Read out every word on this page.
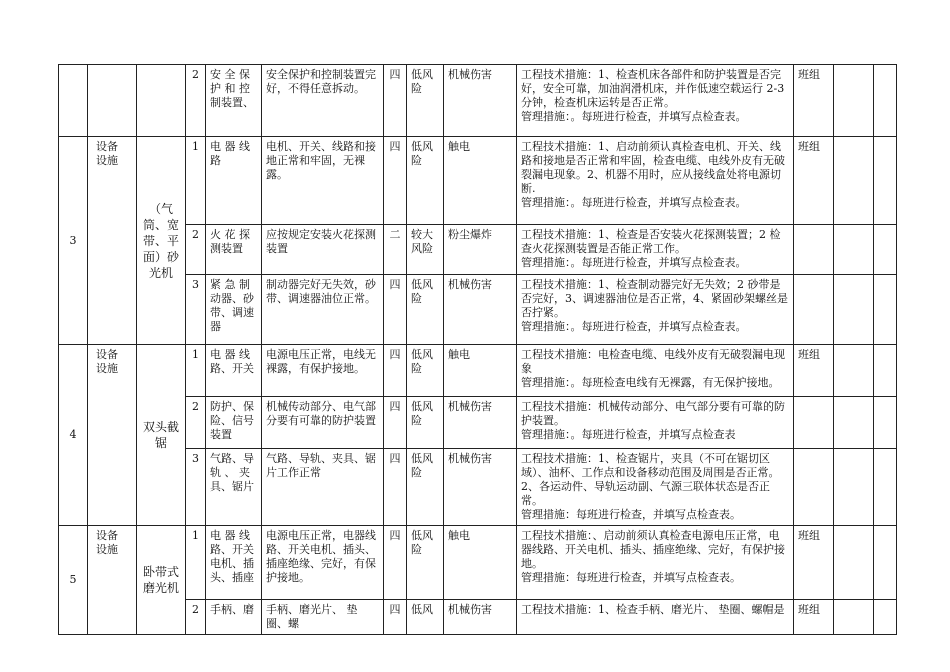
			2	安 全 保护 和 控制装置、	安全保护和控制装置完好，不得任意拆动。	四	低风险	机械伤害	工程技术措施：1、检查机床各部件和防护装置是否完好，安全可靠，加油润滑机床，并作低速空载运行 2-3 分钟，检查机床运转是否正常。
管理措施：。每班进行检查，并填写点检查表。	班组		
3	设备设施	（气筒、宽带、平面）砂光机	1	电 器 线路	电机、开关、线路和接地正常和牢固，无裸露。	四	低风险	触电	工程技术措施：1、启动前须认真检查电机、开关、线路和接地是否正常和牢固，检查电缆、电线外皮有无破裂漏电现象。2、机器不用时，应从接线盒处将电源切断.
管理措施：。每班进行检查，并填写点检查表。	班组		
			2	火 花 探测装置	应按规定安装火花探测装置	二	较大风险	粉尘爆炸	工程技术措施：1、检查是否安装火花探测装置；2 检查火花探测装置是否能正常工作。
管理措施：。每班进行检查，并填写点检查表。			

			3	紧 急 制动器、砂带、调速器	制动器完好无失效，砂带、调速器油位正常。	四	低风险	机械伤害	工程技术措施：1、检查制动器完好无失效；2 砂带是否完好，3、调速器油位是否正常，4、紧固砂架螺丝是否拧紧。
管理措施：。每班进行检查，并填写点检查表。			

4	设备设施	双头截锯	1	电 器 线路、开关	电源电压正常，电线无裸露，有保护接地。	四	低风险	触电	工程技术措施：电检查电缆、电线外皮有无破裂漏电现象
管理措施：。每班检查电线有无裸露，有无保护接地。	班组		
			2	防护、保险、信号装置	机械传动部分、电气部分要有可靠的防护装置	四	低风险	机械伤害	工程技术措施：机械传动部分、电气部分要有可靠的防护装置。
管理措施：。每班进行检查，并填写点检查表			

			3	气路、导轨 、 夹具、锯片	气路、导轨、夹具、锯片工作正常	四	低风险	机械伤害	工程技术措施：1、检查锯片，夹具（不可在锯切区域）、油杯、工作点和设备移动范围及周围是否正常。2、各运动件、导轨运动副、气源三联体状态是否正常。
管理措施：每班进行检查，并填写点检查表。			

5	设备设施	卧带式磨光机	1	电 器 线路、开关电机、插头、插座	电源电压正常，电器线路、开关电机、插头、插座绝缘、完好，有保护接地。	四	低风险	触电	工程技术措施：、启动前须认真检查电源电压正常，电器线路、开关电机、插头、插座绝缘、完好，有保护接地。
管理措施：每班进行检查，并填写点检查表。	班组		
			2	手柄、磨	手柄、磨光片、 垫圈、螺	四	低风	机械伤害	工程技术措施：1、检查手柄、磨光片、 垫圈、螺帽是	班组		
